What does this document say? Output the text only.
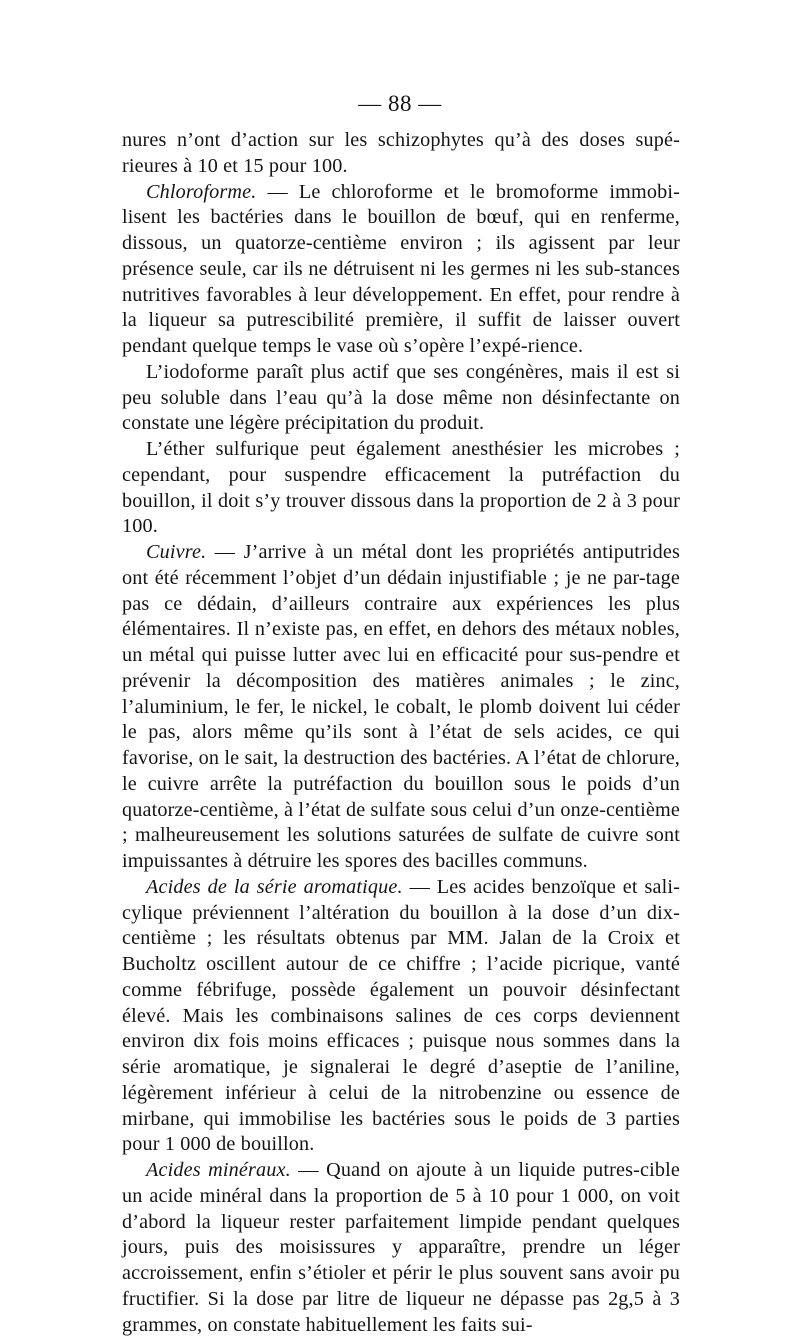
— 88 —

nures n’ont d’action sur les schizophytes qu’à des doses supé-rieures à 10 et 15 pour 100.

Chloroforme. — Le chloroforme et le bromoforme immobi-lisent les bactéries dans le bouillon de bœuf, qui en renferme, dissous, un quatorze-centième environ ; ils agissent par leur présence seule, car ils ne détruisent ni les germes ni les sub-stances nutritives favorables à leur développement. En effet, pour rendre à la liqueur sa putrescibilité première, il suffit de laisser ouvert pendant quelque temps le vase où s’opère l’expé-rience.

L’iodoforme paraît plus actif que ses congénères, mais il est si peu soluble dans l’eau qu’à la dose même non désinfectante on constate une légère précipitation du produit.

L’éther sulfurique peut également anesthésier les microbes ; cependant, pour suspendre efficacement la putréfaction du bouillon, il doit s’y trouver dissous dans la proportion de 2 à 3 pour 100.

Cuivre. — J’arrive à un métal dont les propriétés antiputrides ont été récemment l’objet d’un dédain injustifiable ; je ne par-tage pas ce dédain, d’ailleurs contraire aux expériences les plus élémentaires. Il n’existe pas, en effet, en dehors des métaux nobles, un métal qui puisse lutter avec lui en efficacité pour sus-pendre et prévenir la décomposition des matières animales ; le zinc, l’aluminium, le fer, le nickel, le cobalt, le plomb doivent lui céder le pas, alors même qu’ils sont à l’état de sels acides, ce qui favorise, on le sait, la destruction des bactéries. A l’état de chlorure, le cuivre arrête la putréfaction du bouillon sous le poids d’un quatorze-centième, à l’état de sulfate sous celui d’un onze-centième ; malheureusement les solutions saturées de sulfate de cuivre sont impuissantes à détruire les spores des bacilles communs.

Acides de la série aromatique. — Les acides benzoïque et sali-cylique préviennent l’altération du bouillon à la dose d’un dix-centième ; les résultats obtenus par MM. Jalan de la Croix et Bucholtz oscillent autour de ce chiffre ; l’acide picrique, vanté comme fébrifuge, possède également un pouvoir désinfectant élevé. Mais les combinaisons salines de ces corps deviennent environ dix fois moins efficaces ; puisque nous sommes dans la série aromatique, je signalerai le degré d’aseptie de l’aniline, légèrement inférieur à celui de la nitrobenzine ou essence de mirbane, qui immobilise les bactéries sous le poids de 3 parties pour 1 000 de bouillon.

Acides minéraux. — Quand on ajoute à un liquide putres-cible un acide minéral dans la proportion de 5 à 10 pour 1 000, on voit d’abord la liqueur rester parfaitement limpide pendant quelques jours, puis des moisissures y apparaître, prendre un léger accroissement, enfin s’étioler et périr le plus souvent sans avoir pu fructifier. Si la dose par litre de liqueur ne dépasse pas 2g,5 à 3 grammes, on constate habituellement les faits sui-
